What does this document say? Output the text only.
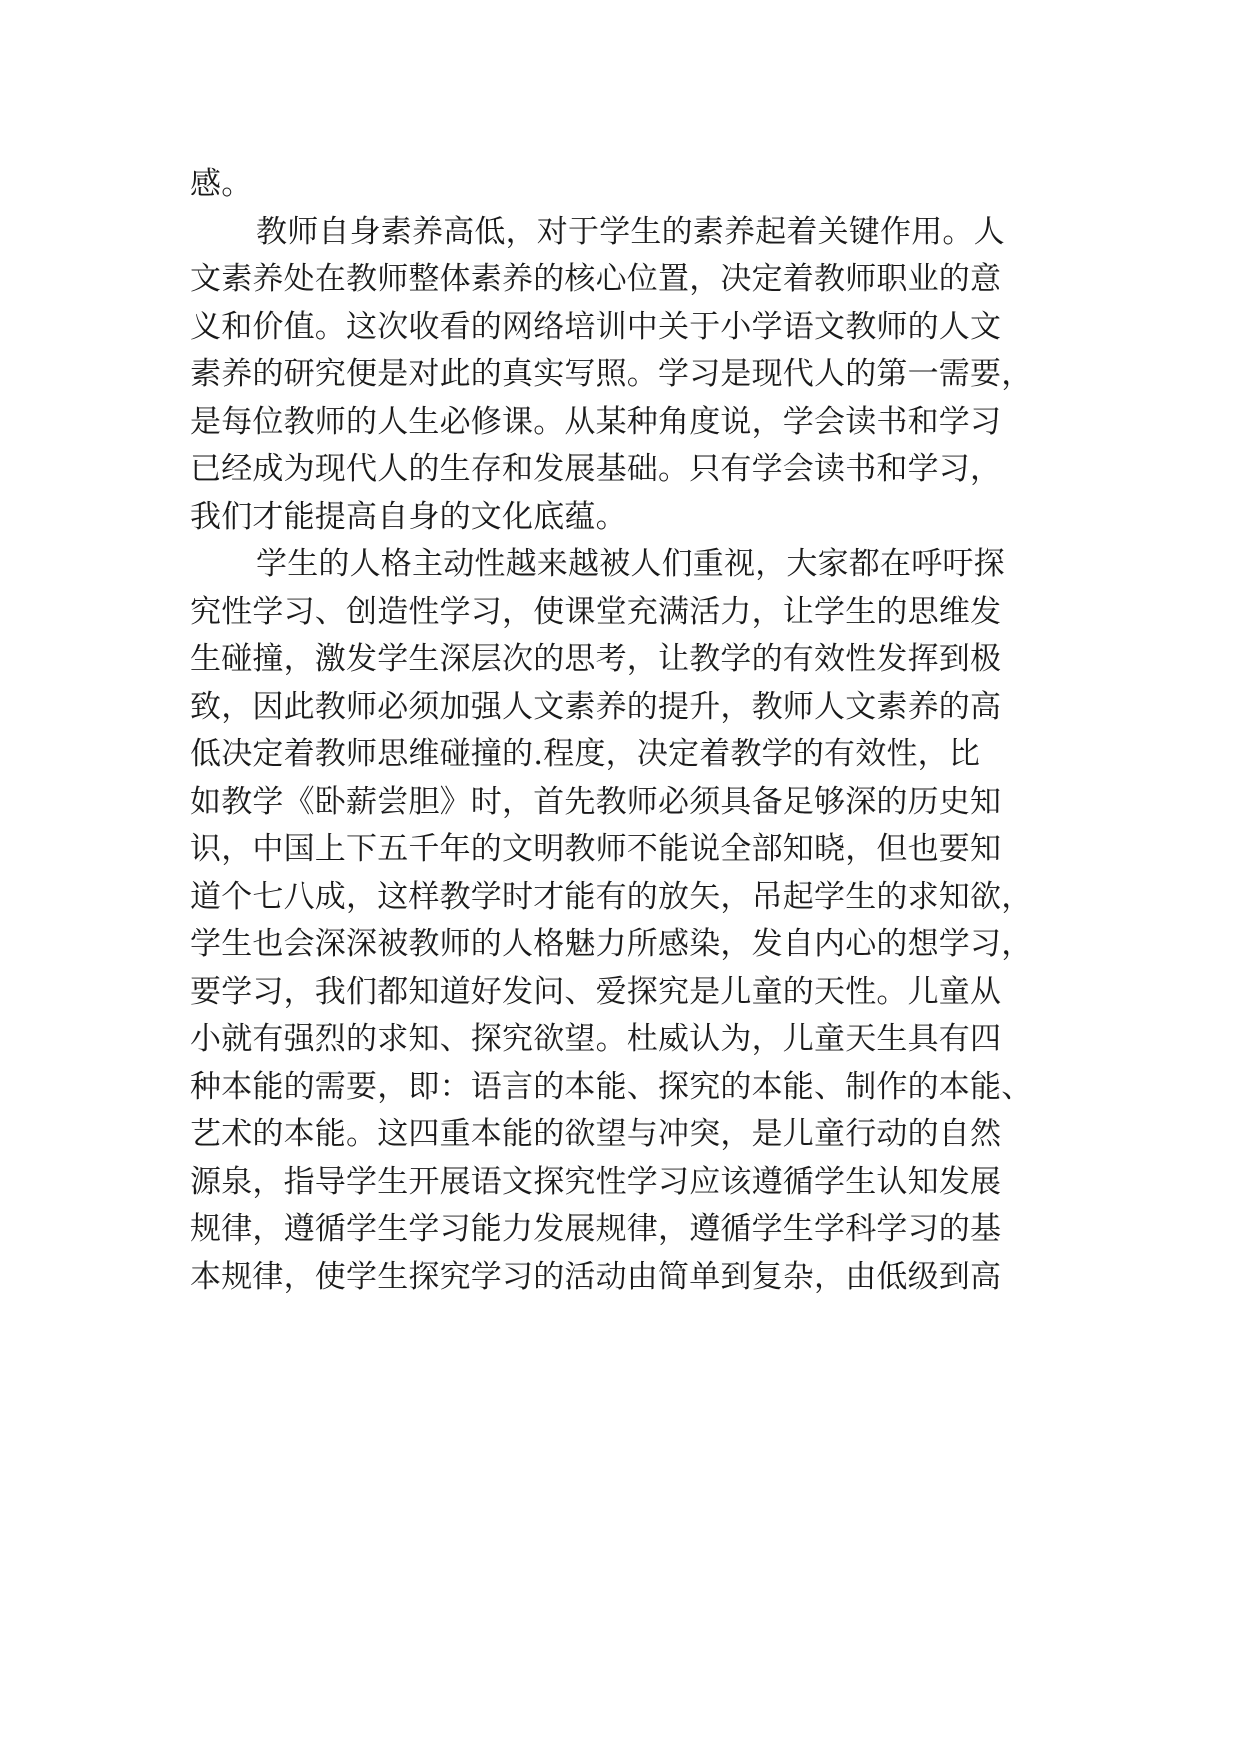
感。
教师自身素养高低，对于学生的素养起着关键作用。人
文素养处在教师整体素养的核心位置，决定着教师职业的意
义和价值。这次收看的网络培训中关于小学语文教师的人文
素养的研究便是对此的真实写照。学习是现代人的第一需要，
是每位教师的人生必修课。从某种角度说，学会读书和学习
已经成为现代人的生存和发展基础。只有学会读书和学习，
我们才能提高自身的文化底蕴。
学生的人格主动性越来越被人们重视，大家都在呼吁探
究性学习、创造性学习，使课堂充满活力，让学生的思维发
生碰撞，激发学生深层次的思考，让教学的有效性发挥到极
致，因此教师必须加强人文素养的提升，教师人文素养的高
低决定着教师思维碰撞的.程度，决定着教学的有效性，比
如教学《卧薪尝胆》时，首先教师必须具备足够深的历史知
识，中国上下五千年的文明教师不能说全部知晓，但也要知
道个七八成，这样教学时才能有的放矢，吊起学生的求知欲，
学生也会深深被教师的人格魅力所感染，发自内心的想学习，
要学习，我们都知道好发问、爱探究是儿童的天性。儿童从
小就有强烈的求知、探究欲望。杜威认为，儿童天生具有四
种本能的需要，即：语言的本能、探究的本能、制作的本能、
艺术的本能。这四重本能的欲望与冲突，是儿童行动的自然
源泉，指导学生开展语文探究性学习应该遵循学生认知发展
规律，遵循学生学习能力发展规律，遵循学生学科学习的基
本规律，使学生探究学习的活动由简单到复杂，由低级到高
